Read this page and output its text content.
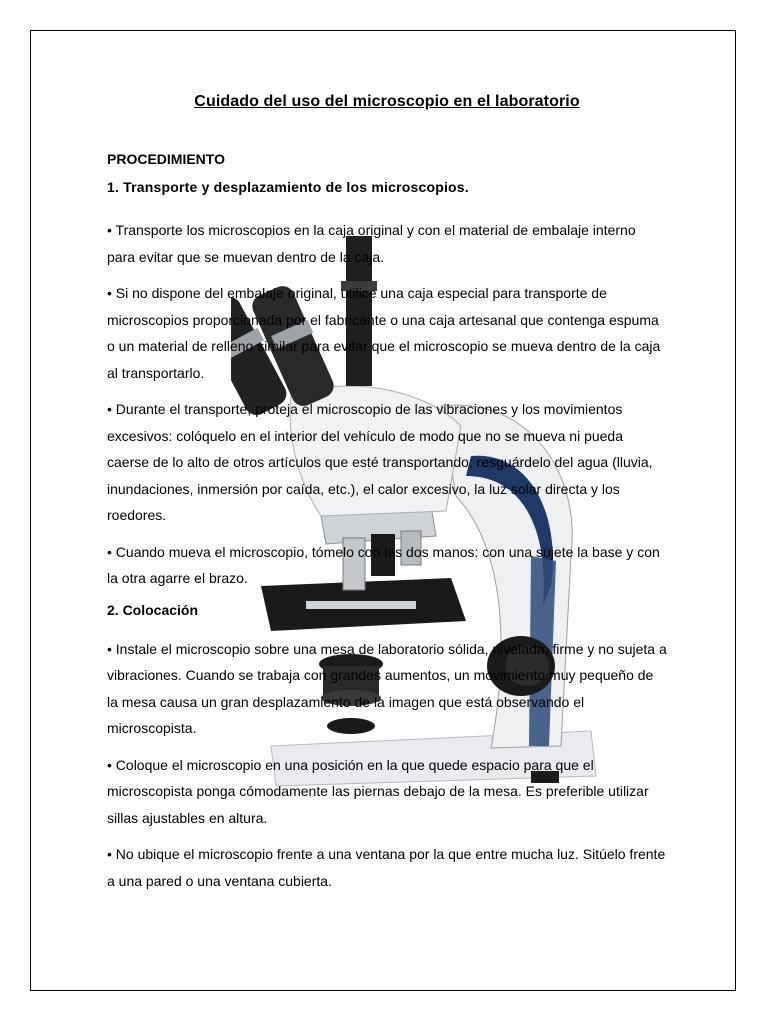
Cuidado del uso del microscopio en el laboratorio
PROCEDIMIENTO
1. Transporte y desplazamiento de los microscopios.

• Transporte los microscopios en la caja original y con el material de embalaje interno para evitar que se muevan dentro de la caja.

• Si no dispone del embalaje original, utilice una caja especial para transporte de microscopios proporcionada por el fabricante o una caja artesanal que contenga espuma o un material de relleno similar para evitar que el microscopio se mueva dentro de la caja al transportarlo.

• Durante el transporte, proteja el microscopio de las vibraciones y los movimientos excesivos: colóquelo en el interior del vehículo de modo que no se mueva ni pueda caerse de lo alto de otros artículos que esté transportando; resguárdelo del agua (lluvia, inundaciones, inmersión por caída, etc.), el calor excesivo, la luz solar directa y los roedores.

• Cuando mueva el microscopio, tómelo con las dos manos: con una sujete la base y con la otra agarre el brazo.

2. Colocación

• Instale el microscopio sobre una mesa de laboratorio sólida, nivelada, firme y no sujeta a vibraciones. Cuando se trabaja con grandes aumentos, un movimiento muy pequeño de la mesa causa un gran desplazamiento de la imagen que está observando el microscopista.

• Coloque el microscopio en una posición en la que quede espacio para que el microscopista ponga cómodamente las piernas debajo de la mesa. Es preferible utilizar sillas ajustables en altura.

• No ubique el microscopio frente a una ventana por la que entre mucha luz. Sitúelo frente a una pared o una ventana cubierta.
